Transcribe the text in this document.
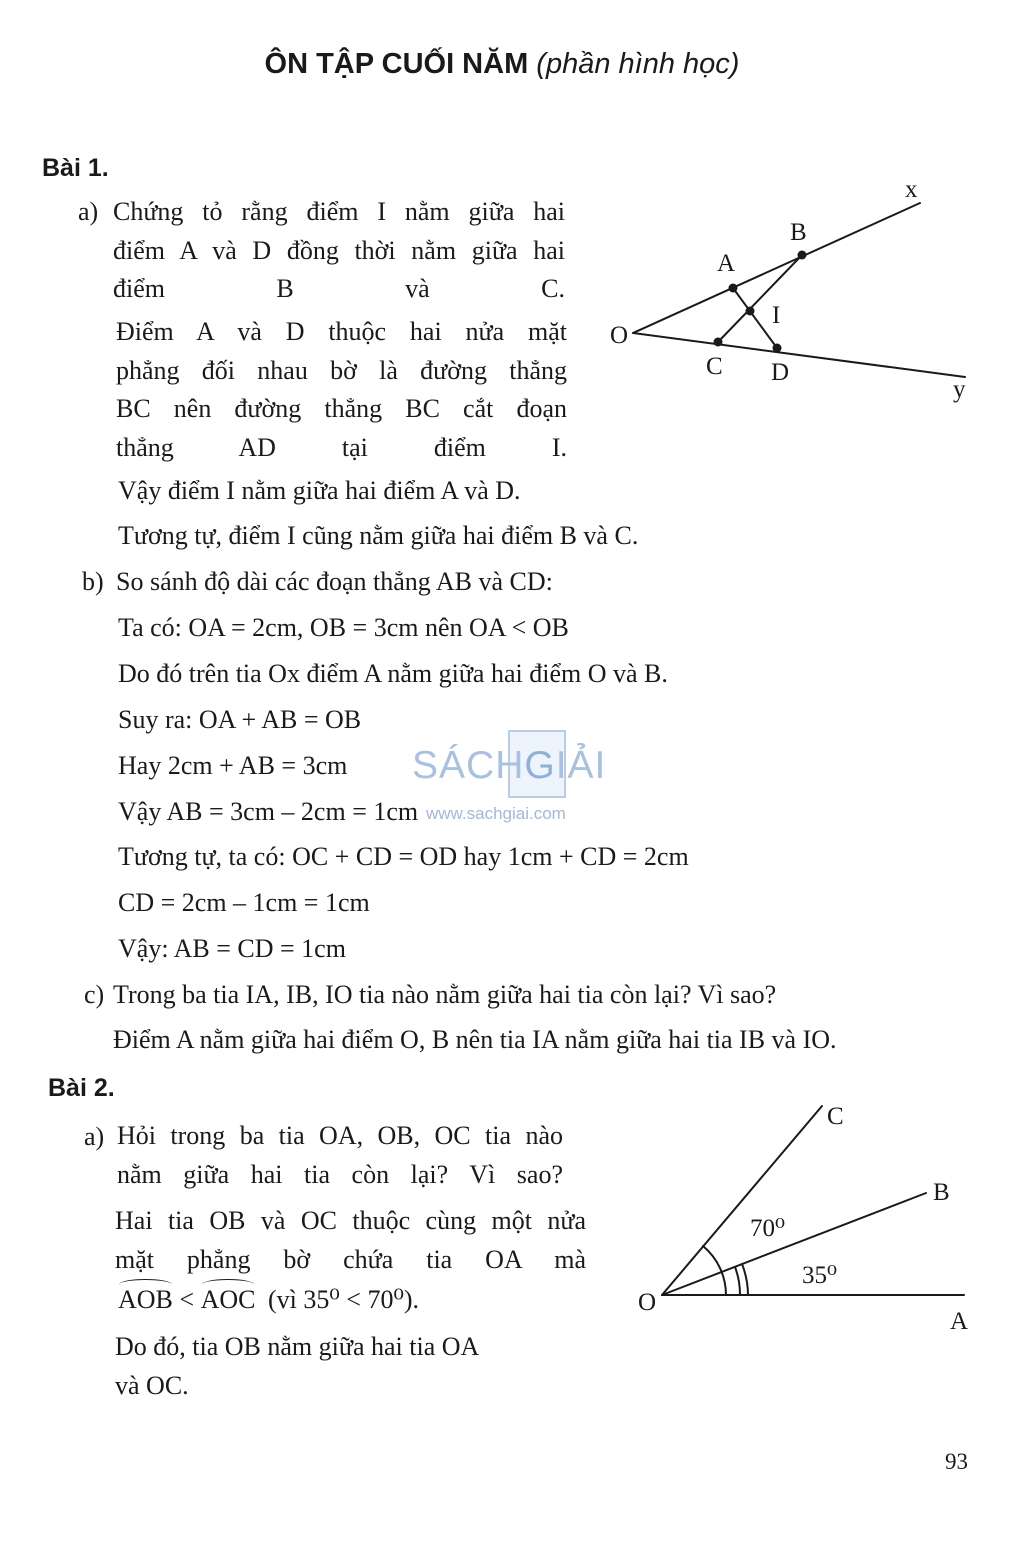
ÔN TẬP CUỐI NĂM (phần hình học)
Bài 1.
a) Chứng tỏ rằng điểm I nằm giữa hai
điểm A và D đồng thời nằm giữa hai
điểm B và C.
Điểm A và D thuộc hai nửa mặt
phẳng đối nhau bờ là đường thẳng
BC nên đường thẳng BC cắt đoạn
thẳng AD tại điểm I.
Vậy điểm I nằm giữa hai điểm A và D.
Tương tự, điểm I cũng nằm giữa hai điểm B và C.
b) So sánh độ dài các đoạn thẳng AB và CD:
Ta có: OA = 2cm, OB = 3cm nên OA < OB
Do đó trên tia Ox điểm A nằm giữa hai điểm O và B.
Suy ra: OA + AB = OB
Hay 2cm + AB = 3cm
Vậy AB = 3cm – 2cm = 1cm
Tương tự, ta có: OC + CD = OD hay 1cm + CD = 2cm
CD = 2cm – 1cm = 1cm
Vậy: AB = CD = 1cm
c) Trong ba tia IA, IB, IO tia nào nằm giữa hai tia còn lại? Vì sao?
Điểm A nằm giữa hai điểm O, B nên tia IA nằm giữa hai tia IB và IO.
x
y
O
A
B
C D
I
SÁCHGIẢI
www.sachgiai.com
Bài 2.
a) Hỏi trong ba tia OA, OB, OC tia nào
nằm giữa hai tia còn lại? Vì sao?
Hai tia OB và OC thuộc cùng một nửa
mặt phẳng bờ chứa tia OA mà
AOB < AOC (vì 35⁰ < 70⁰).
Do đó, tia OB nằm giữa hai tia OA
và OC.
O
A
B
C
70⁰
35⁰
93
